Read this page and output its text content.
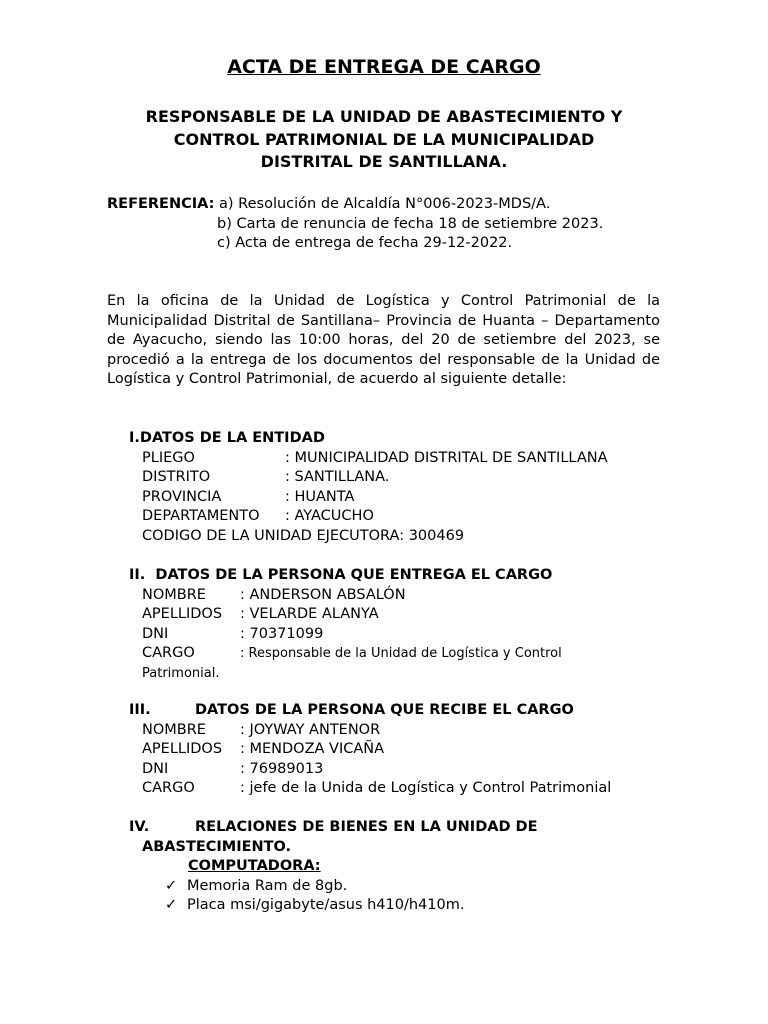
ACTA DE ENTREGA DE CARGO
RESPONSABLE DE LA UNIDAD DE ABASTECIMIENTO Y
CONTROL PATRIMONIAL DE LA MUNICIPALIDAD
DISTRITAL DE SANTILLANA.
REFERENCIA: a) Resolución de Alcaldía N°006-2023-MDS/A.
b) Carta de renuncia de fecha 18 de setiembre 2023.
c) Acta de entrega de fecha 29-12-2022.
En la oficina de la Unidad de Logística y Control Patrimonial de la Municipalidad Distrital de Santillana– Provincia de Huanta – Departamento de Ayacucho, siendo las 10:00 horas, del 20 de setiembre del 2023, se procedió a la entrega de los documentos del responsable de la Unidad de Logística y Control Patrimonial, de acuerdo al siguiente detalle:
I.DATOS DE LA ENTIDAD
PLIEGO	: MUNICIPALIDAD DISTRITAL DE SANTILLANA
DISTRITO	: SANTILLANA.
PROVINCIA	: HUANTA
DEPARTAMENTO : AYACUCHO
CODIGO DE LA UNIDAD EJECUTORA: 300469
II. DATOS DE LA PERSONA QUE ENTREGA EL CARGO
NOMBRE : ANDERSON ABSALÓN
APELLIDOS : VELARDE ALANYA
DNI	: 70371099
CARGO	: Responsable de la Unidad de Logística y Control
Patrimonial.
III.	DATOS DE LA PERSONA QUE RECIBE EL CARGO
NOMBRE : JOYWAY ANTENOR
APELLIDOS : MENDOZA VICAÑA
DNI	: 76989013
CARGO	: jefe de la Unida de Logística y Control Patrimonial
IV.	RELACIONES DE BIENES EN LA UNIDAD DE
ABASTECIMIENTO.
COMPUTADORA:
✓ Memoria Ram de 8gb.
✓ Placa msi/gigabyte/asus h410/h410m.
